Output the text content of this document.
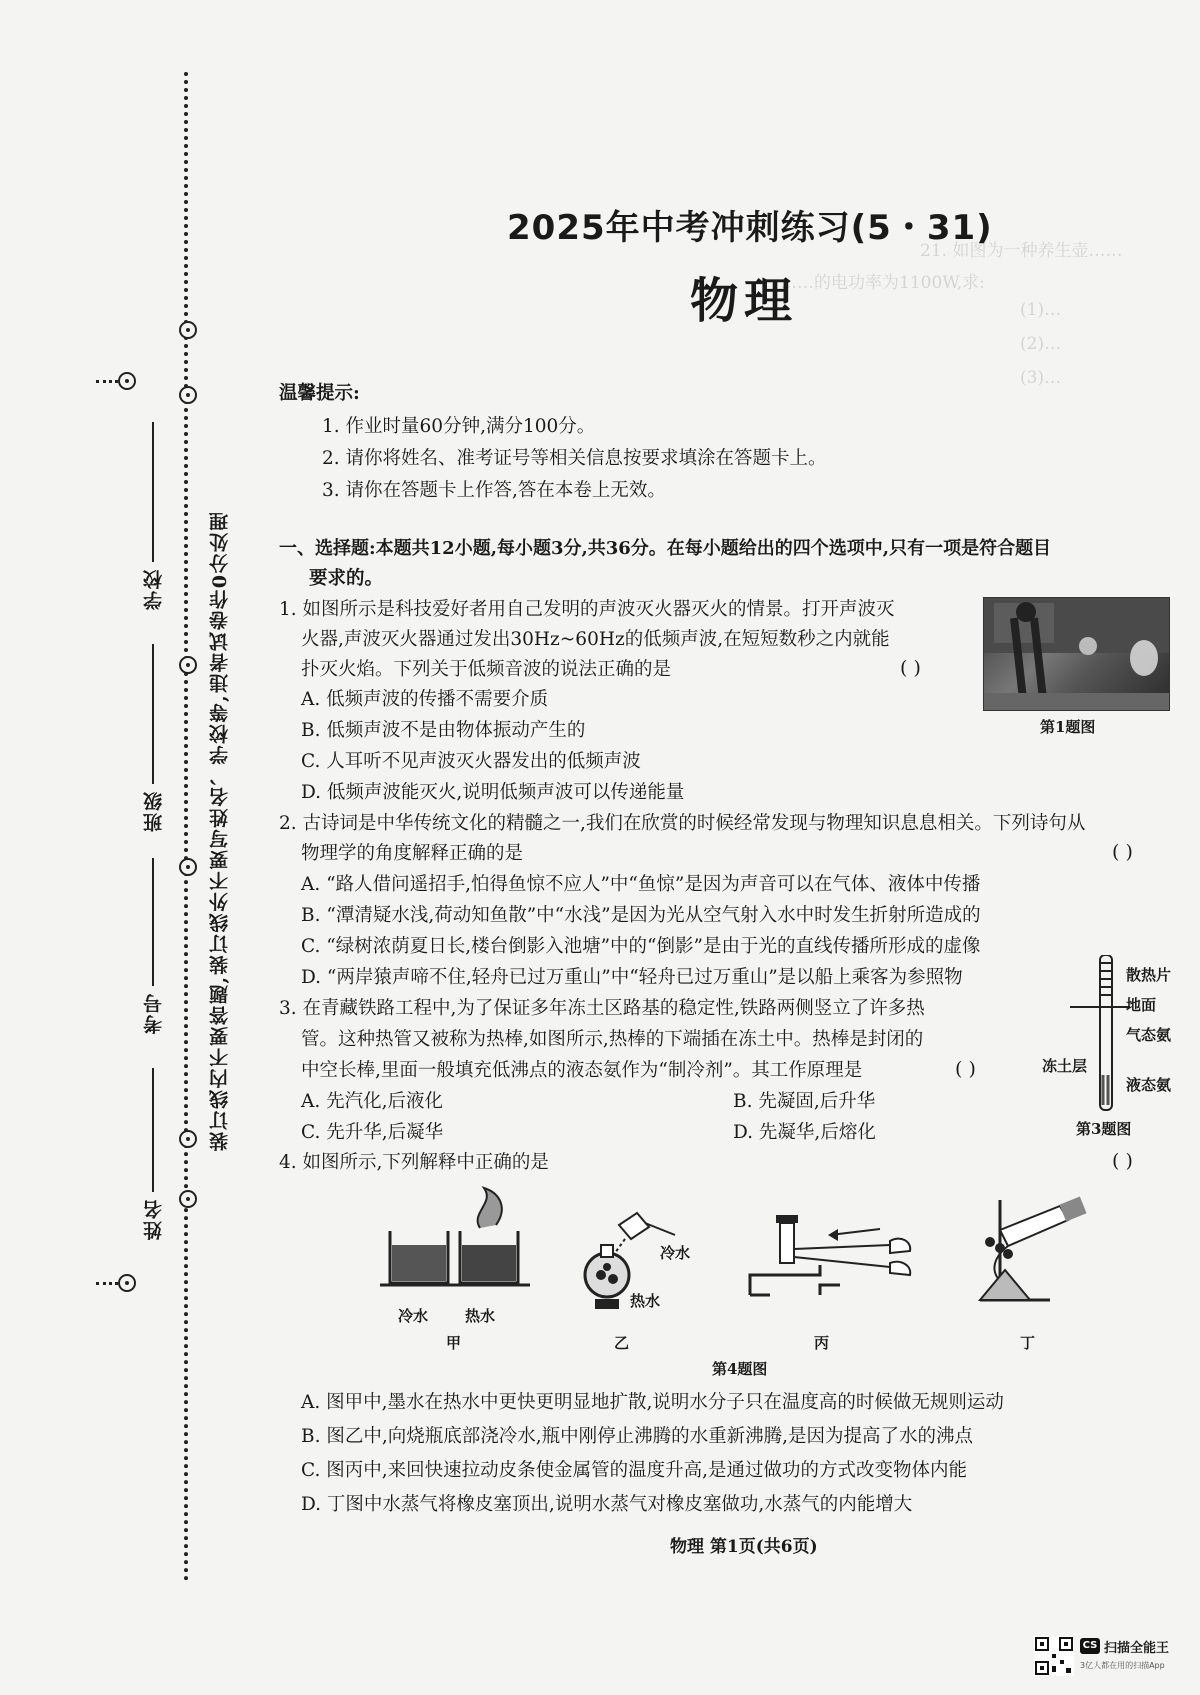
装订线内不要答题,装订线外不要写姓名、学校等,违者试卷作0分处理
学校
班级
考号
姓名
21. 如图为一种养生壶……
……的电功率为1100W,求:
(1)…
(2)…
(3)…
2025年中考冲刺练习(5・31)
物理
温馨提示:
1. 作业时量60分钟,满分100分。
2. 请你将姓名、准考证号等相关信息按要求填涂在答题卡上。
3. 请你在答题卡上作答,答在本卷上无效。
一、选择题:本题共12小题,每小题3分,共36分。在每小题给出的四个选项中,只有一项是符合题目
要求的。
1. 如图所示是科技爱好者用自己发明的声波灭火器灭火的情景。打开声波灭
火器,声波灭火器通过发出30Hz~60Hz的低频声波,在短短数秒之内就能
扑灭火焰。下列关于低频音波的说法正确的是	( )
A. 低频声波的传播不需要介质
B. 低频声波不是由物体振动产生的
C. 人耳听不见声波灭火器发出的低频声波
D. 低频声波能灭火,说明低频声波可以传递能量
第1题图
2. 古诗词是中华传统文化的精髓之一,我们在欣赏的时候经常发现与物理知识息息相关。下列诗句从
物理学的角度解释正确的是	( )
A. “路人借问遥招手,怕得鱼惊不应人”中“鱼惊”是因为声音可以在气体、液体中传播
B. “潭清疑水浅,荷动知鱼散”中“水浅”是因为光从空气射入水中时发生折射所造成的
C. “绿树浓荫夏日长,楼台倒影入池塘”中的“倒影”是由于光的直线传播所形成的虚像
D. “两岸猿声啼不住,轻舟已过万重山”中“轻舟已过万重山”是以船上乘客为参照物
3. 在青藏铁路工程中,为了保证多年冻土区路基的稳定性,铁路两侧竖立了许多热
管。这种热管又被称为热棒,如图所示,热棒的下端插在冻土中。热棒是封闭的
中空长棒,里面一般填充低沸点的液态氨作为“制冷剂”。其工作原理是	( )
A. 先汽化,后液化	B. 先凝固,后升华
C. 先升华,后凝华	D. 先凝华,后熔化
散热片
地面
气态氨
冻土层
液态氨
第3题图
4. 如图所示,下列解释中正确的是	( )
冷水 热水
甲
冷水
热水
乙	丙	丁
第4题图
A. 图甲中,墨水在热水中更快更明显地扩散,说明水分子只在温度高的时候做无规则运动
B. 图乙中,向烧瓶底部浇冷水,瓶中刚停止沸腾的水重新沸腾,是因为提高了水的沸点
C. 图丙中,来回快速拉动皮条使金属管的温度升高,是通过做功的方式改变物体内能
D. 丁图中水蒸气将橡皮塞顶出,说明水蒸气对橡皮塞做功,水蒸气的内能增大
物理 第1页(共6页)
CS 扫描全能王
3亿人都在用的扫描App
